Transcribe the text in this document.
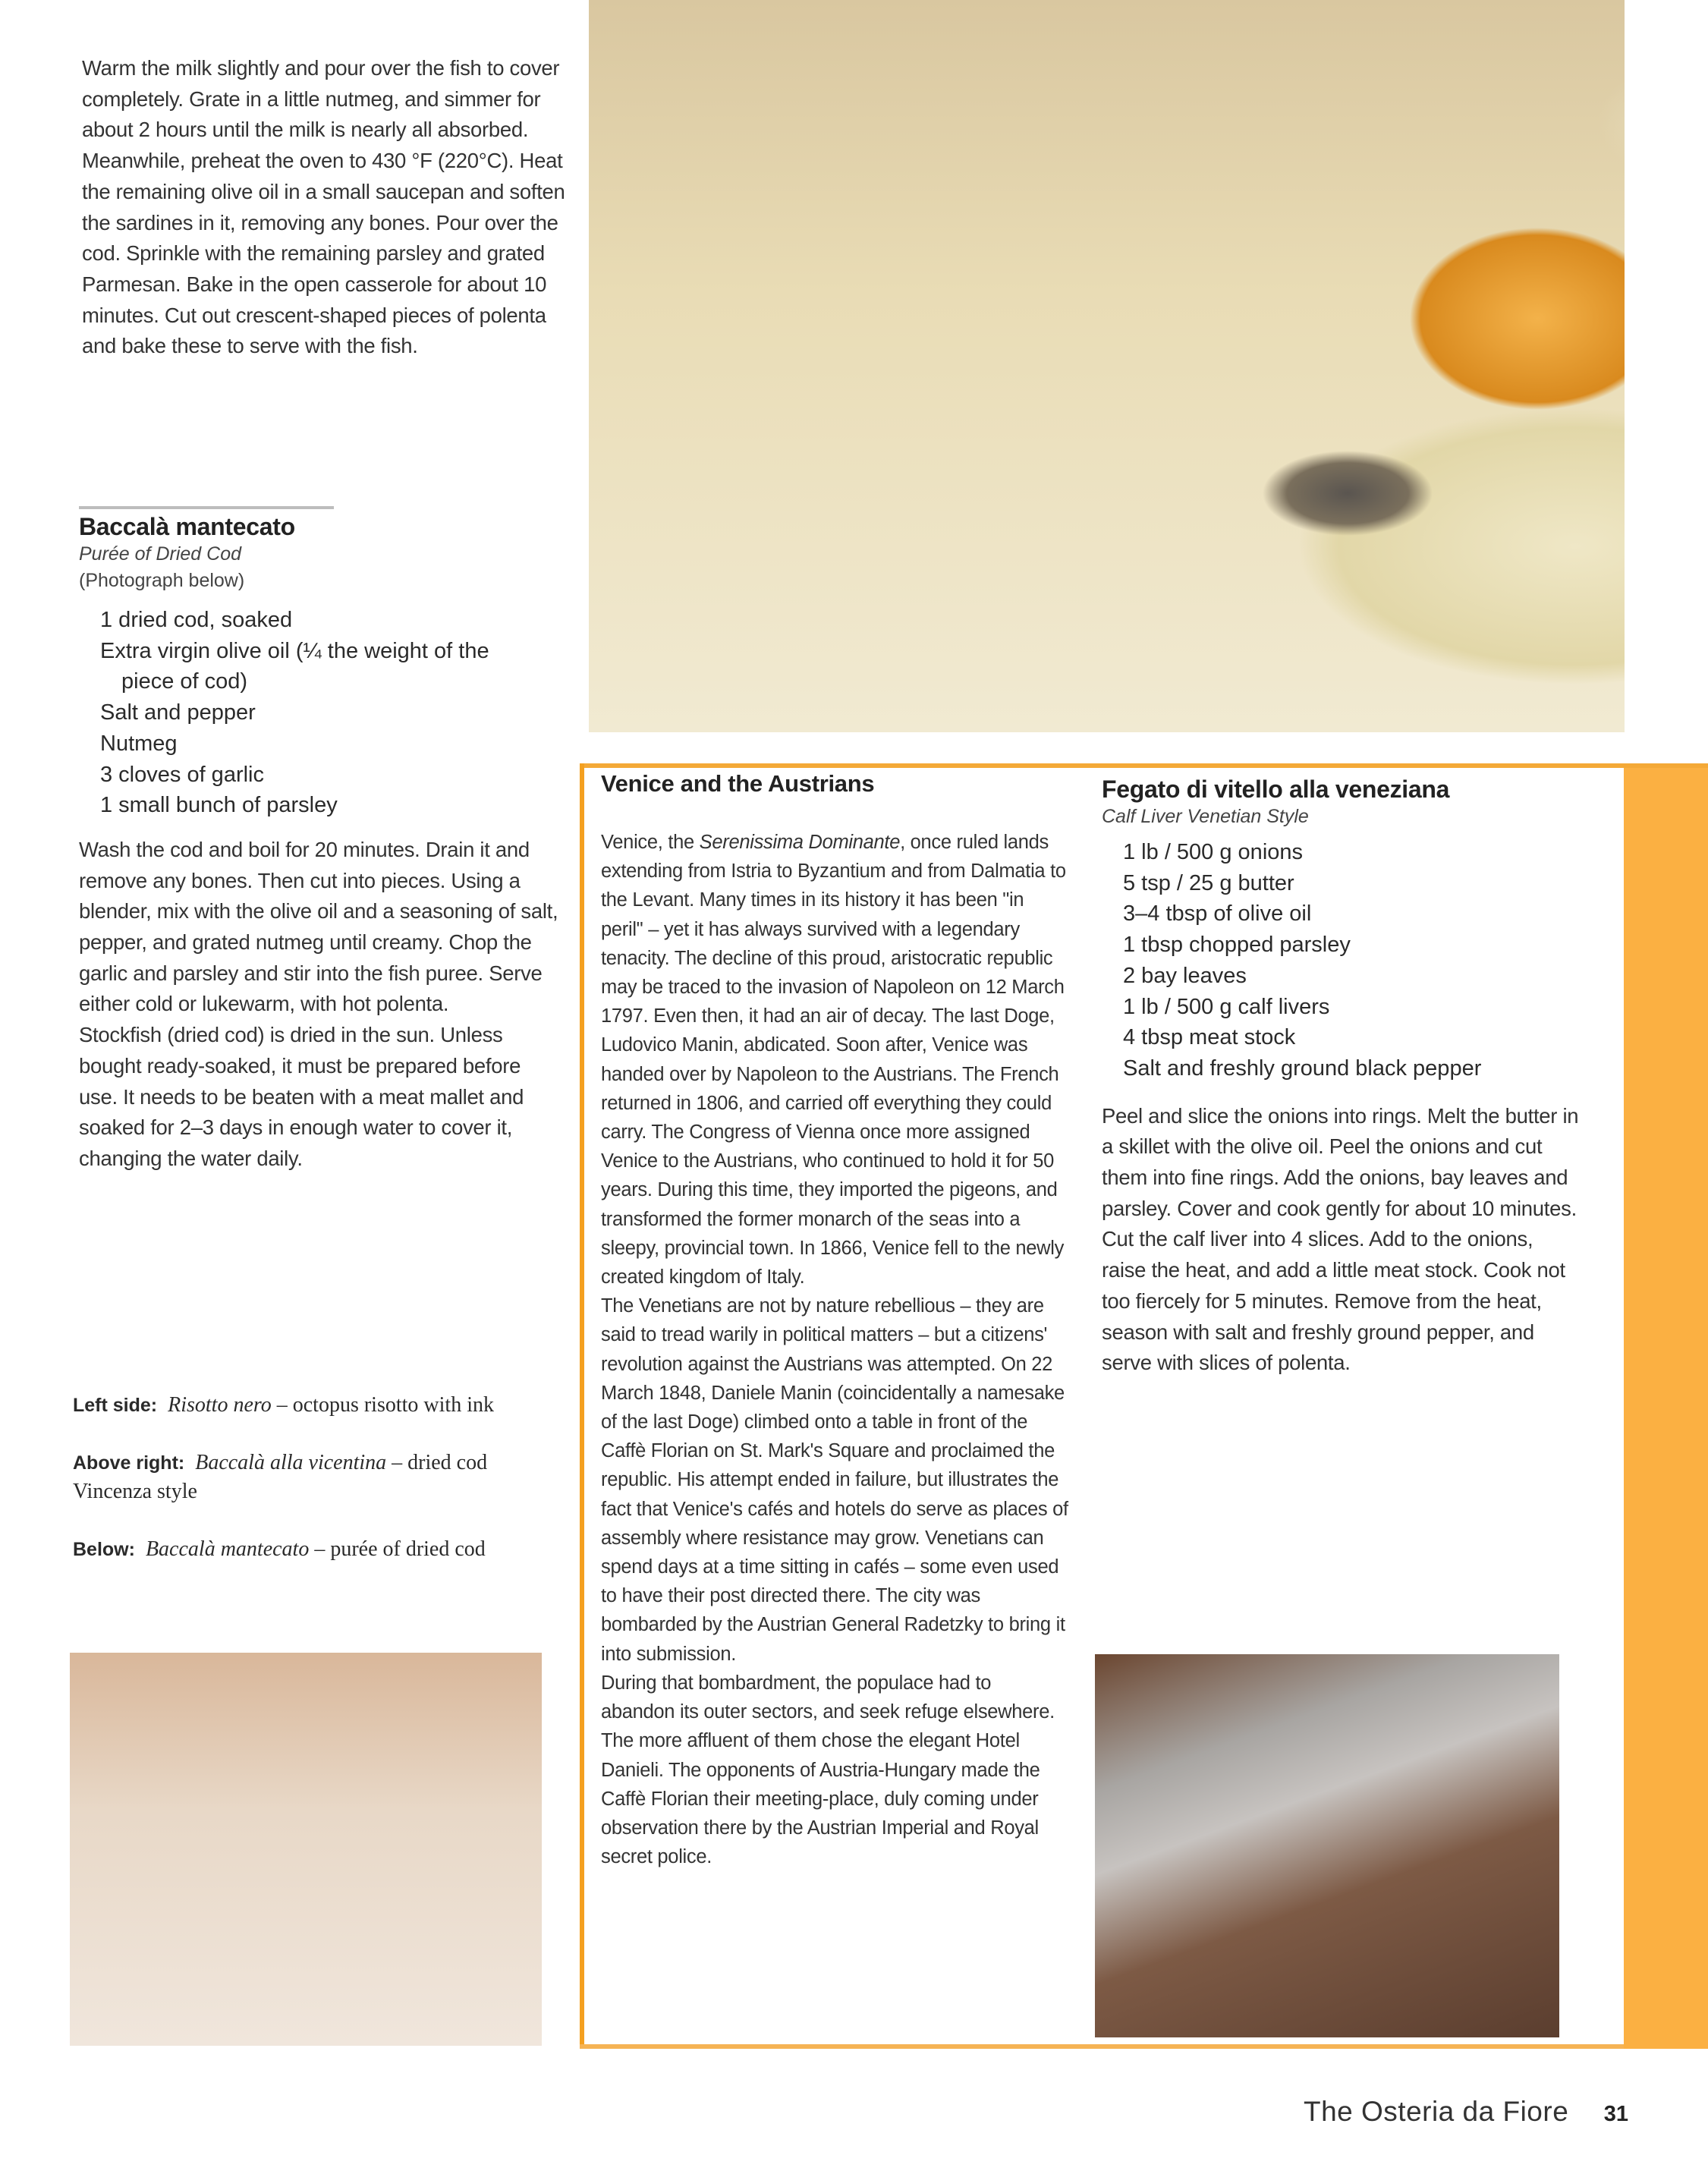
Warm the milk slightly and pour over the fish to cover completely. Grate in a little nutmeg, and simmer for about 2 hours until the milk is nearly all absorbed.

Meanwhile, preheat the oven to 430 °F (220°C). Heat the remaining olive oil in a small saucepan and soften the sardines in it, removing any bones. Pour over the cod. Sprinkle with the remaining parsley and grated Parmesan. Bake in the open casserole for about 10 minutes. Cut out crescent-shaped pieces of polenta and bake these to serve with the fish.

Baccalà mantecato

Purée of Dried Cod

(Photograph below)

1 dried cod, soaked
Extra virgin olive oil (¼ the weight of the piece of cod)
Salt and pepper
Nutmeg
3 cloves of garlic
1 small bunch of parsley

Wash the cod and boil for 20 minutes. Drain it and remove any bones. Then cut into pieces. Using a blender, mix with the olive oil and a seasoning of salt, pepper, and grated nutmeg until creamy. Chop the garlic and parsley and stir into the fish puree. Serve either cold or lukewarm, with hot polenta.

Stockfish (dried cod) is dried in the sun. Unless bought ready-soaked, it must be prepared before use. It needs to be beaten with a meat mallet and soaked for 2–3 days in enough water to cover it, changing the water daily.

Left side: Risotto nero – octopus risotto with ink

Above right: Baccalà alla vicentina – dried cod Vincenza style

Below: Baccalà mantecato – purée of dried cod

Venice and the Austrians

Venice, the Serenissima Dominante, once ruled lands extending from Istria to Byzantium and from Dalmatia to the Levant. Many times in its history it has been "in peril" – yet it has always survived with a legendary tenacity. The decline of this proud, aristocratic republic may be traced to the invasion of Napoleon on 12 March 1797. Even then, it had an air of decay. The last Doge, Ludovico Manin, abdicated. Soon after, Venice was handed over by Napoleon to the Austrians. The French returned in 1806, and carried off everything they could carry. The Congress of Vienna once more assigned Venice to the Austrians, who continued to hold it for 50 years. During this time, they imported the pigeons, and transformed the former monarch of the seas into a sleepy, provincial town. In 1866, Venice fell to the newly created kingdom of Italy.

The Venetians are not by nature rebellious – they are said to tread warily in political matters – but a citizens' revolution against the Austrians was attempted. On 22 March 1848, Daniele Manin (coincidentally a namesake of the last Doge) climbed onto a table in front of the Caffè Florian on St. Mark's Square and proclaimed the republic. His attempt ended in failure, but illustrates the fact that Venice's cafés and hotels do serve as places of assembly where resistance may grow. Venetians can spend days at a time sitting in cafés – some even used to have their post directed there. The city was bombarded by the Austrian General Radetzky to bring it into submission.

During that bombardment, the populace had to abandon its outer sectors, and seek refuge elsewhere. The more affluent of them chose the elegant Hotel Danieli. The opponents of Austria-Hungary made the Caffè Florian their meeting-place, duly coming under observation there by the Austrian Imperial and Royal secret police.

Fegato di vitello alla veneziana

Calf Liver Venetian Style

1 lb / 500 g onions
5 tsp / 25 g butter
3–4 tbsp of olive oil
1 tbsp chopped parsley
2 bay leaves
1 lb / 500 g calf livers
4 tbsp meat stock
Salt and freshly ground black pepper

Peel and slice the onions into rings. Melt the butter in a skillet with the olive oil. Peel the onions and cut them into fine rings. Add the onions, bay leaves and parsley. Cover and cook gently for about 10 minutes. Cut the calf liver into 4 slices. Add to the onions, raise the heat, and add a little meat stock. Cook not too fiercely for 5 minutes. Remove from the heat, season with salt and freshly ground pepper, and serve with slices of polenta.

The Osteria da Fiore 31
